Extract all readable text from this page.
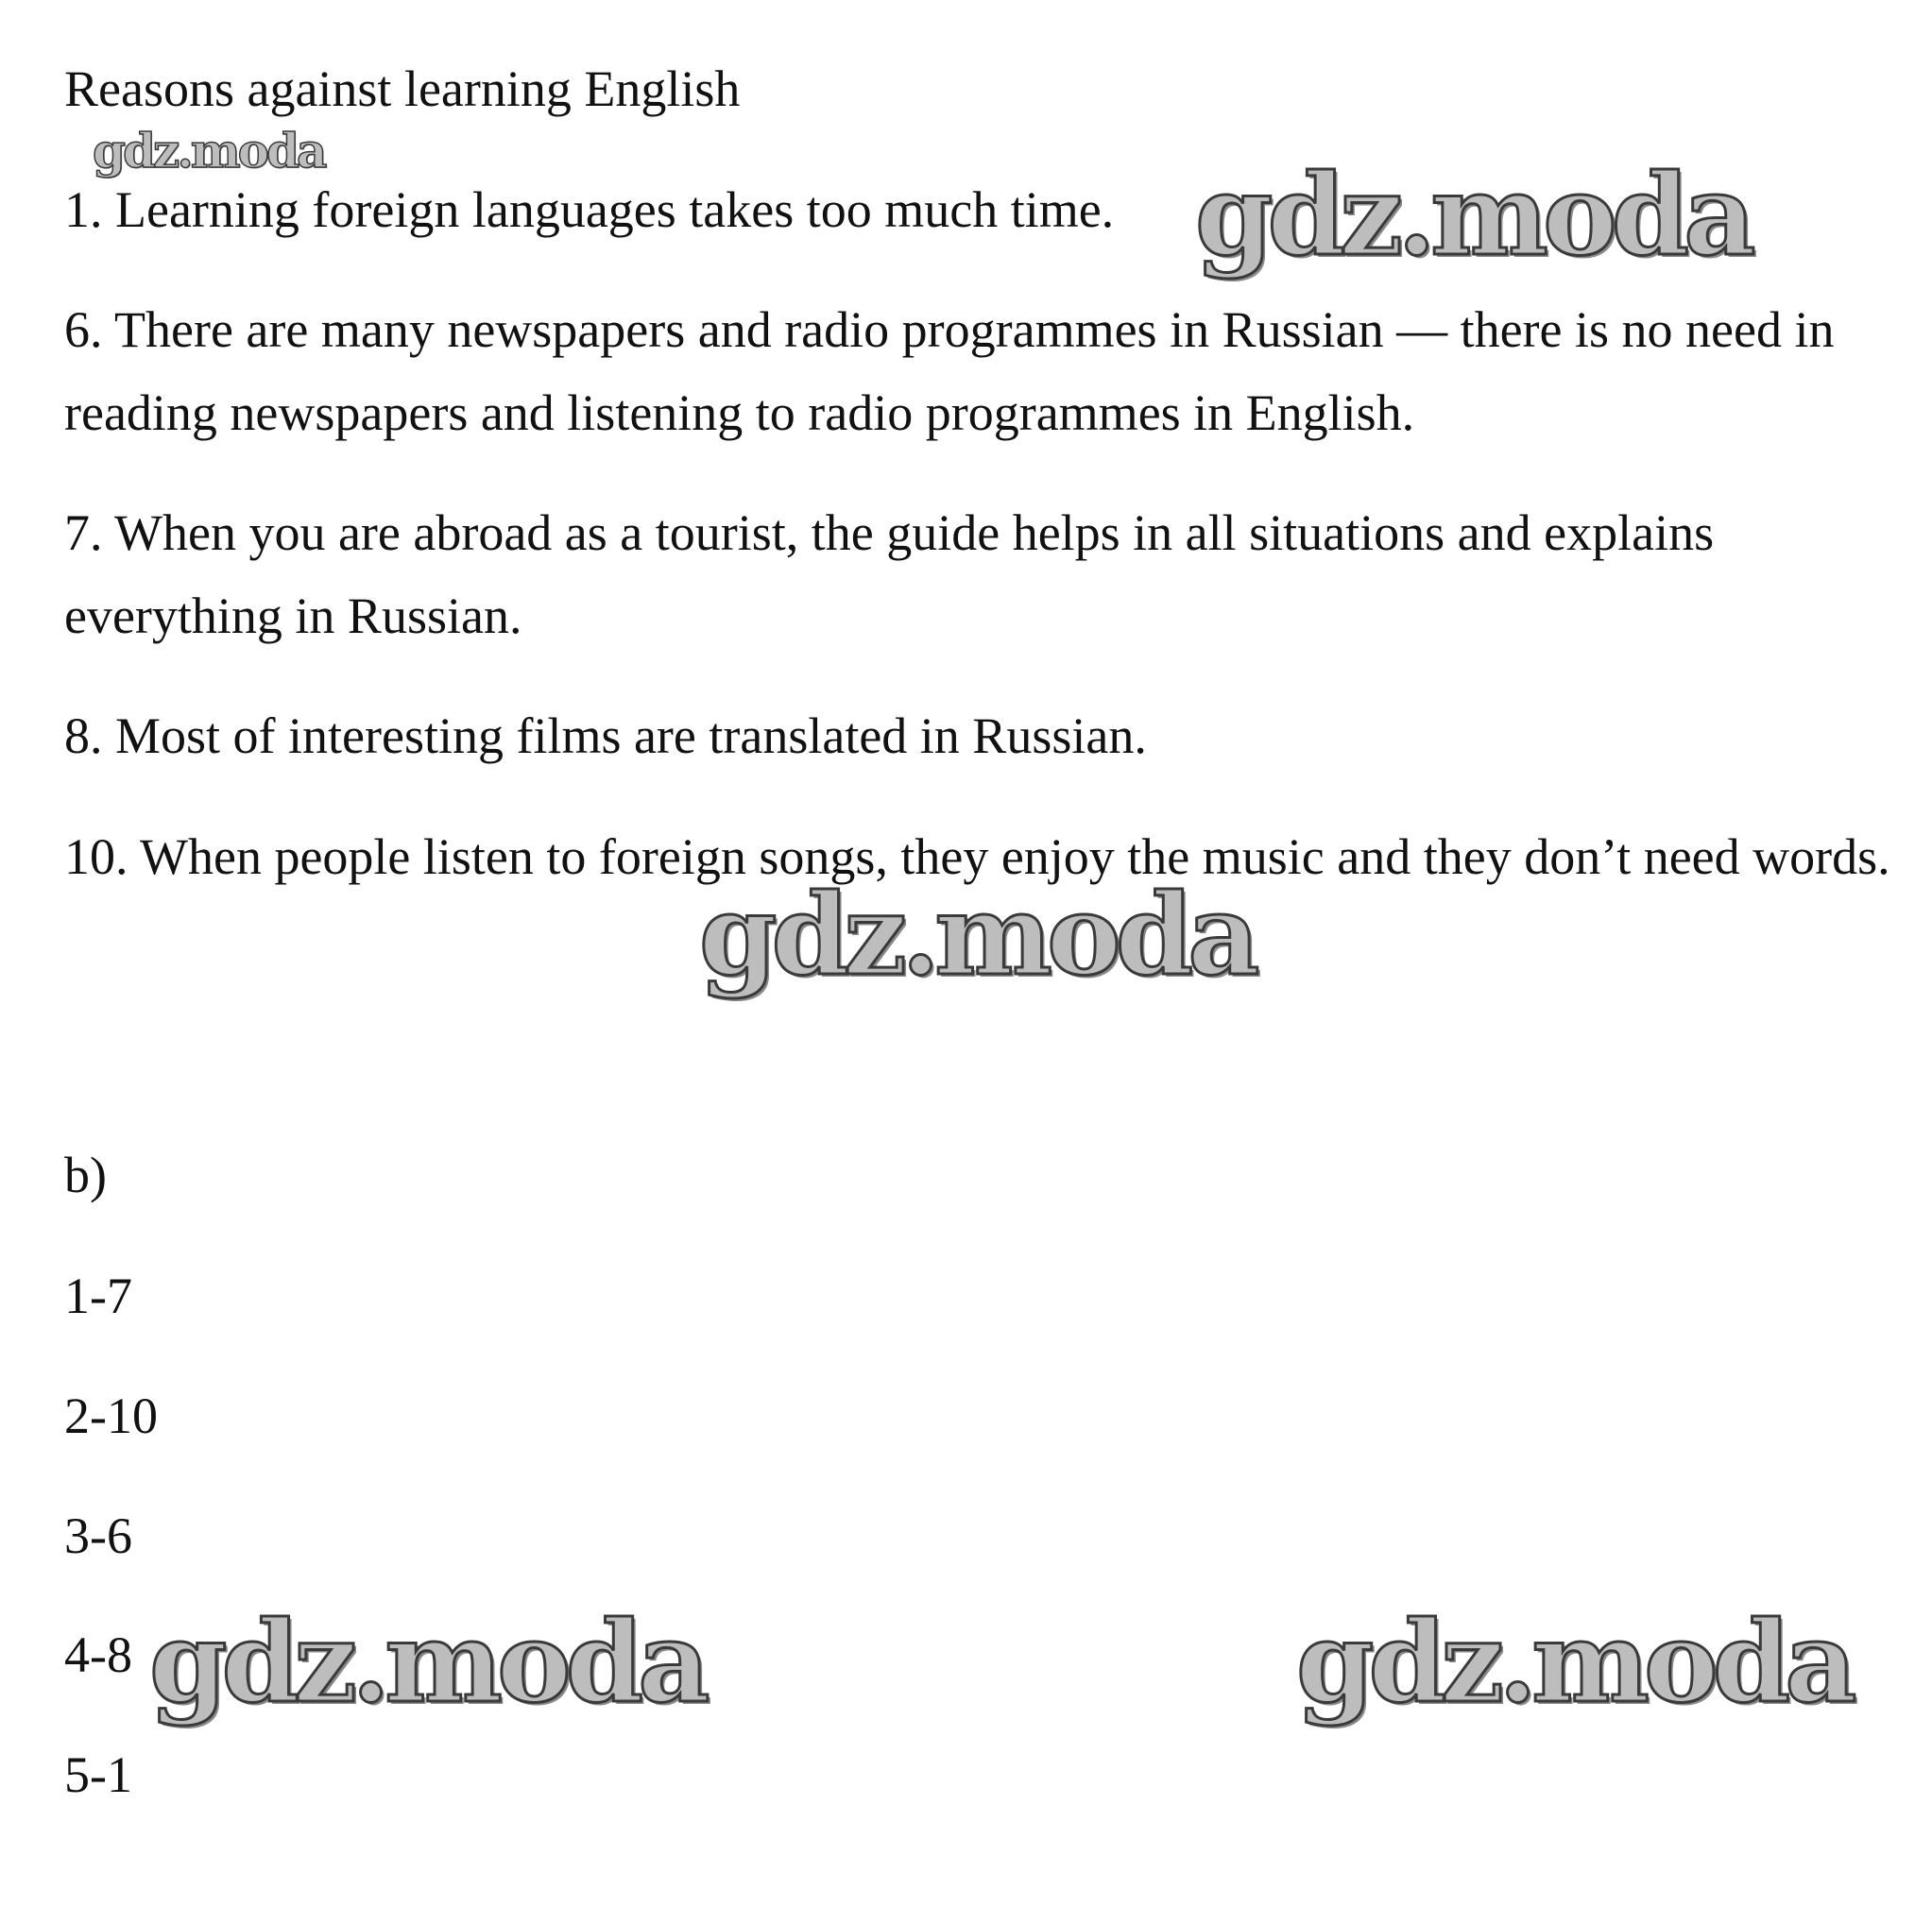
Reasons against learning English
1. Learning foreign languages takes too much time.
6. There are many newspapers and radio programmes in Russian — there is no need in reading newspapers and listening to radio programmes in English.
7. When you are abroad as a tourist, the guide helps in all situations and explains everything in Russian.
8. Most of interesting films are translated in Russian.
10. When people listen to foreign songs, they enjoy the music and they don’t need words.
b)
1-7
2-10
3-6
4-8
5-1
gdz.moda	gdz.moda
gdz.moda
gdz.moda	gdz.moda
